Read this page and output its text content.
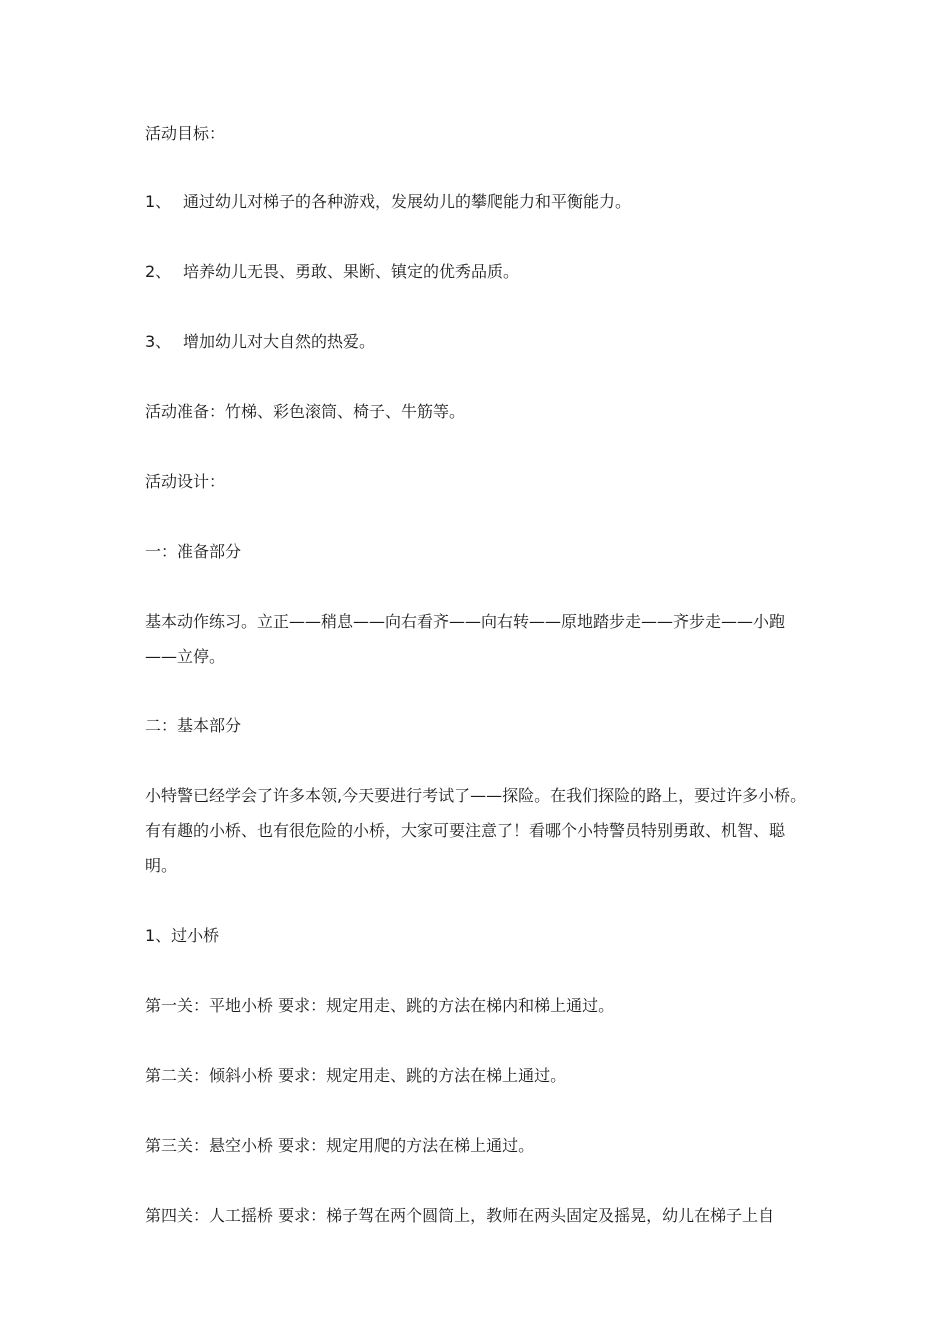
活动目标：

1、 通过幼儿对梯子的各种游戏，发展幼儿的攀爬能力和平衡能力。

2、 培养幼儿无畏、勇敢、果断、镇定的优秀品质。

3、 增加幼儿对大自然的热爱。

活动准备：竹梯、彩色滚筒、椅子、牛筋等。

活动设计：

一：准备部分

基本动作练习。立正——稍息——向右看齐——向右转——原地踏步走——齐步走——小跑——立停。

二：基本部分

小特警已经学会了许多本领,今天要进行考试了——探险。在我们探险的路上，要过许多小桥。有有趣的小桥、也有很危险的小桥，大家可要注意了！看哪个小特警员特别勇敢、机智、聪明。

1、过小桥

第一关：平地小桥 要求：规定用走、跳的方法在梯内和梯上通过。

第二关：倾斜小桥 要求：规定用走、跳的方法在梯上通过。

第三关：悬空小桥 要求：规定用爬的方法在梯上通过。

第四关：人工摇桥 要求：梯子驾在两个圆筒上，教师在两头固定及摇晃，幼儿在梯子上自
